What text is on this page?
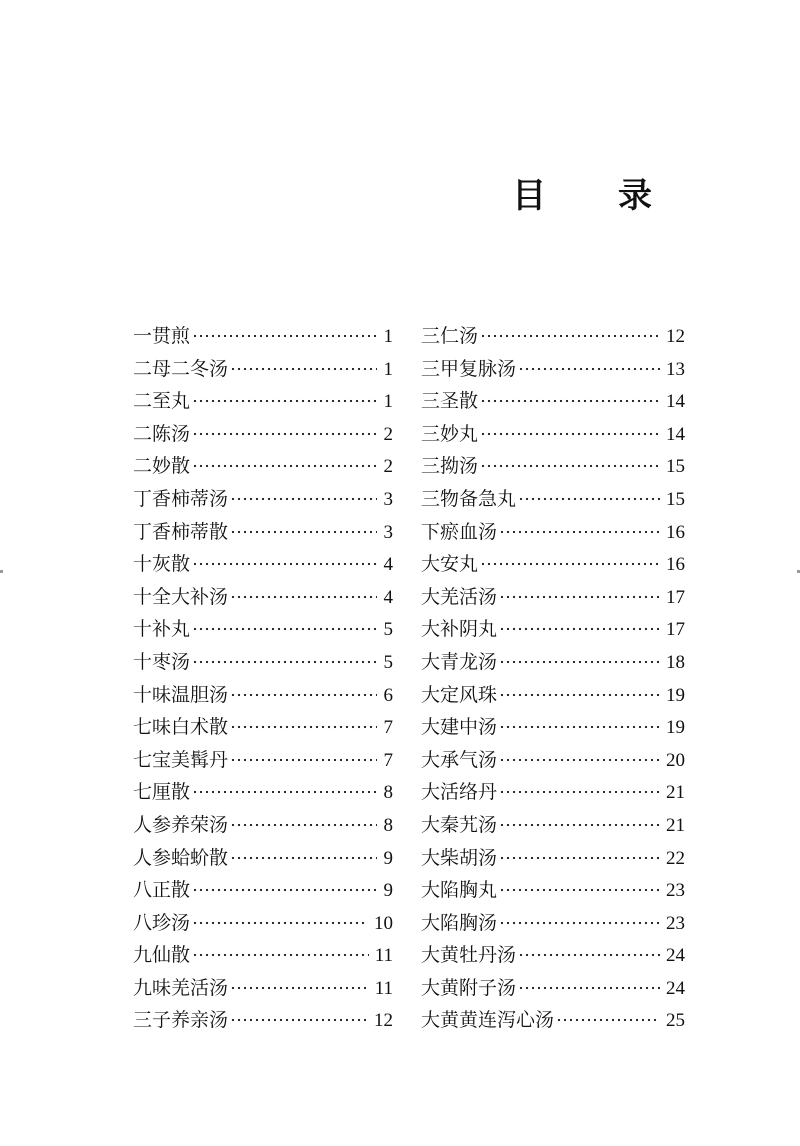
目 录
一贯煎	1
二母二冬汤	1
二至丸	1
二陈汤	2
二妙散	2
丁香柿蒂汤	3
丁香柿蒂散	3
十灰散	4
十全大补汤	4
十补丸	5
十枣汤	5
十味温胆汤	6
七味白术散	7
七宝美髯丹	7
七厘散	8
人参养荣汤	8
人参蛤蚧散	9
八正散	9
八珍汤	10
九仙散	11
九味羌活汤	11
三子养亲汤	12
三仁汤	12
三甲复脉汤	13
三圣散	14
三妙丸	14
三拗汤	15
三物备急丸	15
下瘀血汤	16
大安丸	16
大羌活汤	17
大补阴丸	17
大青龙汤	18
大定风珠	19
大建中汤	19
大承气汤	20
大活络丹	21
大秦艽汤	21
大柴胡汤	22
大陷胸丸	23
大陷胸汤	23
大黄牡丹汤	24
大黄附子汤	24
大黄黄连泻心汤	25
